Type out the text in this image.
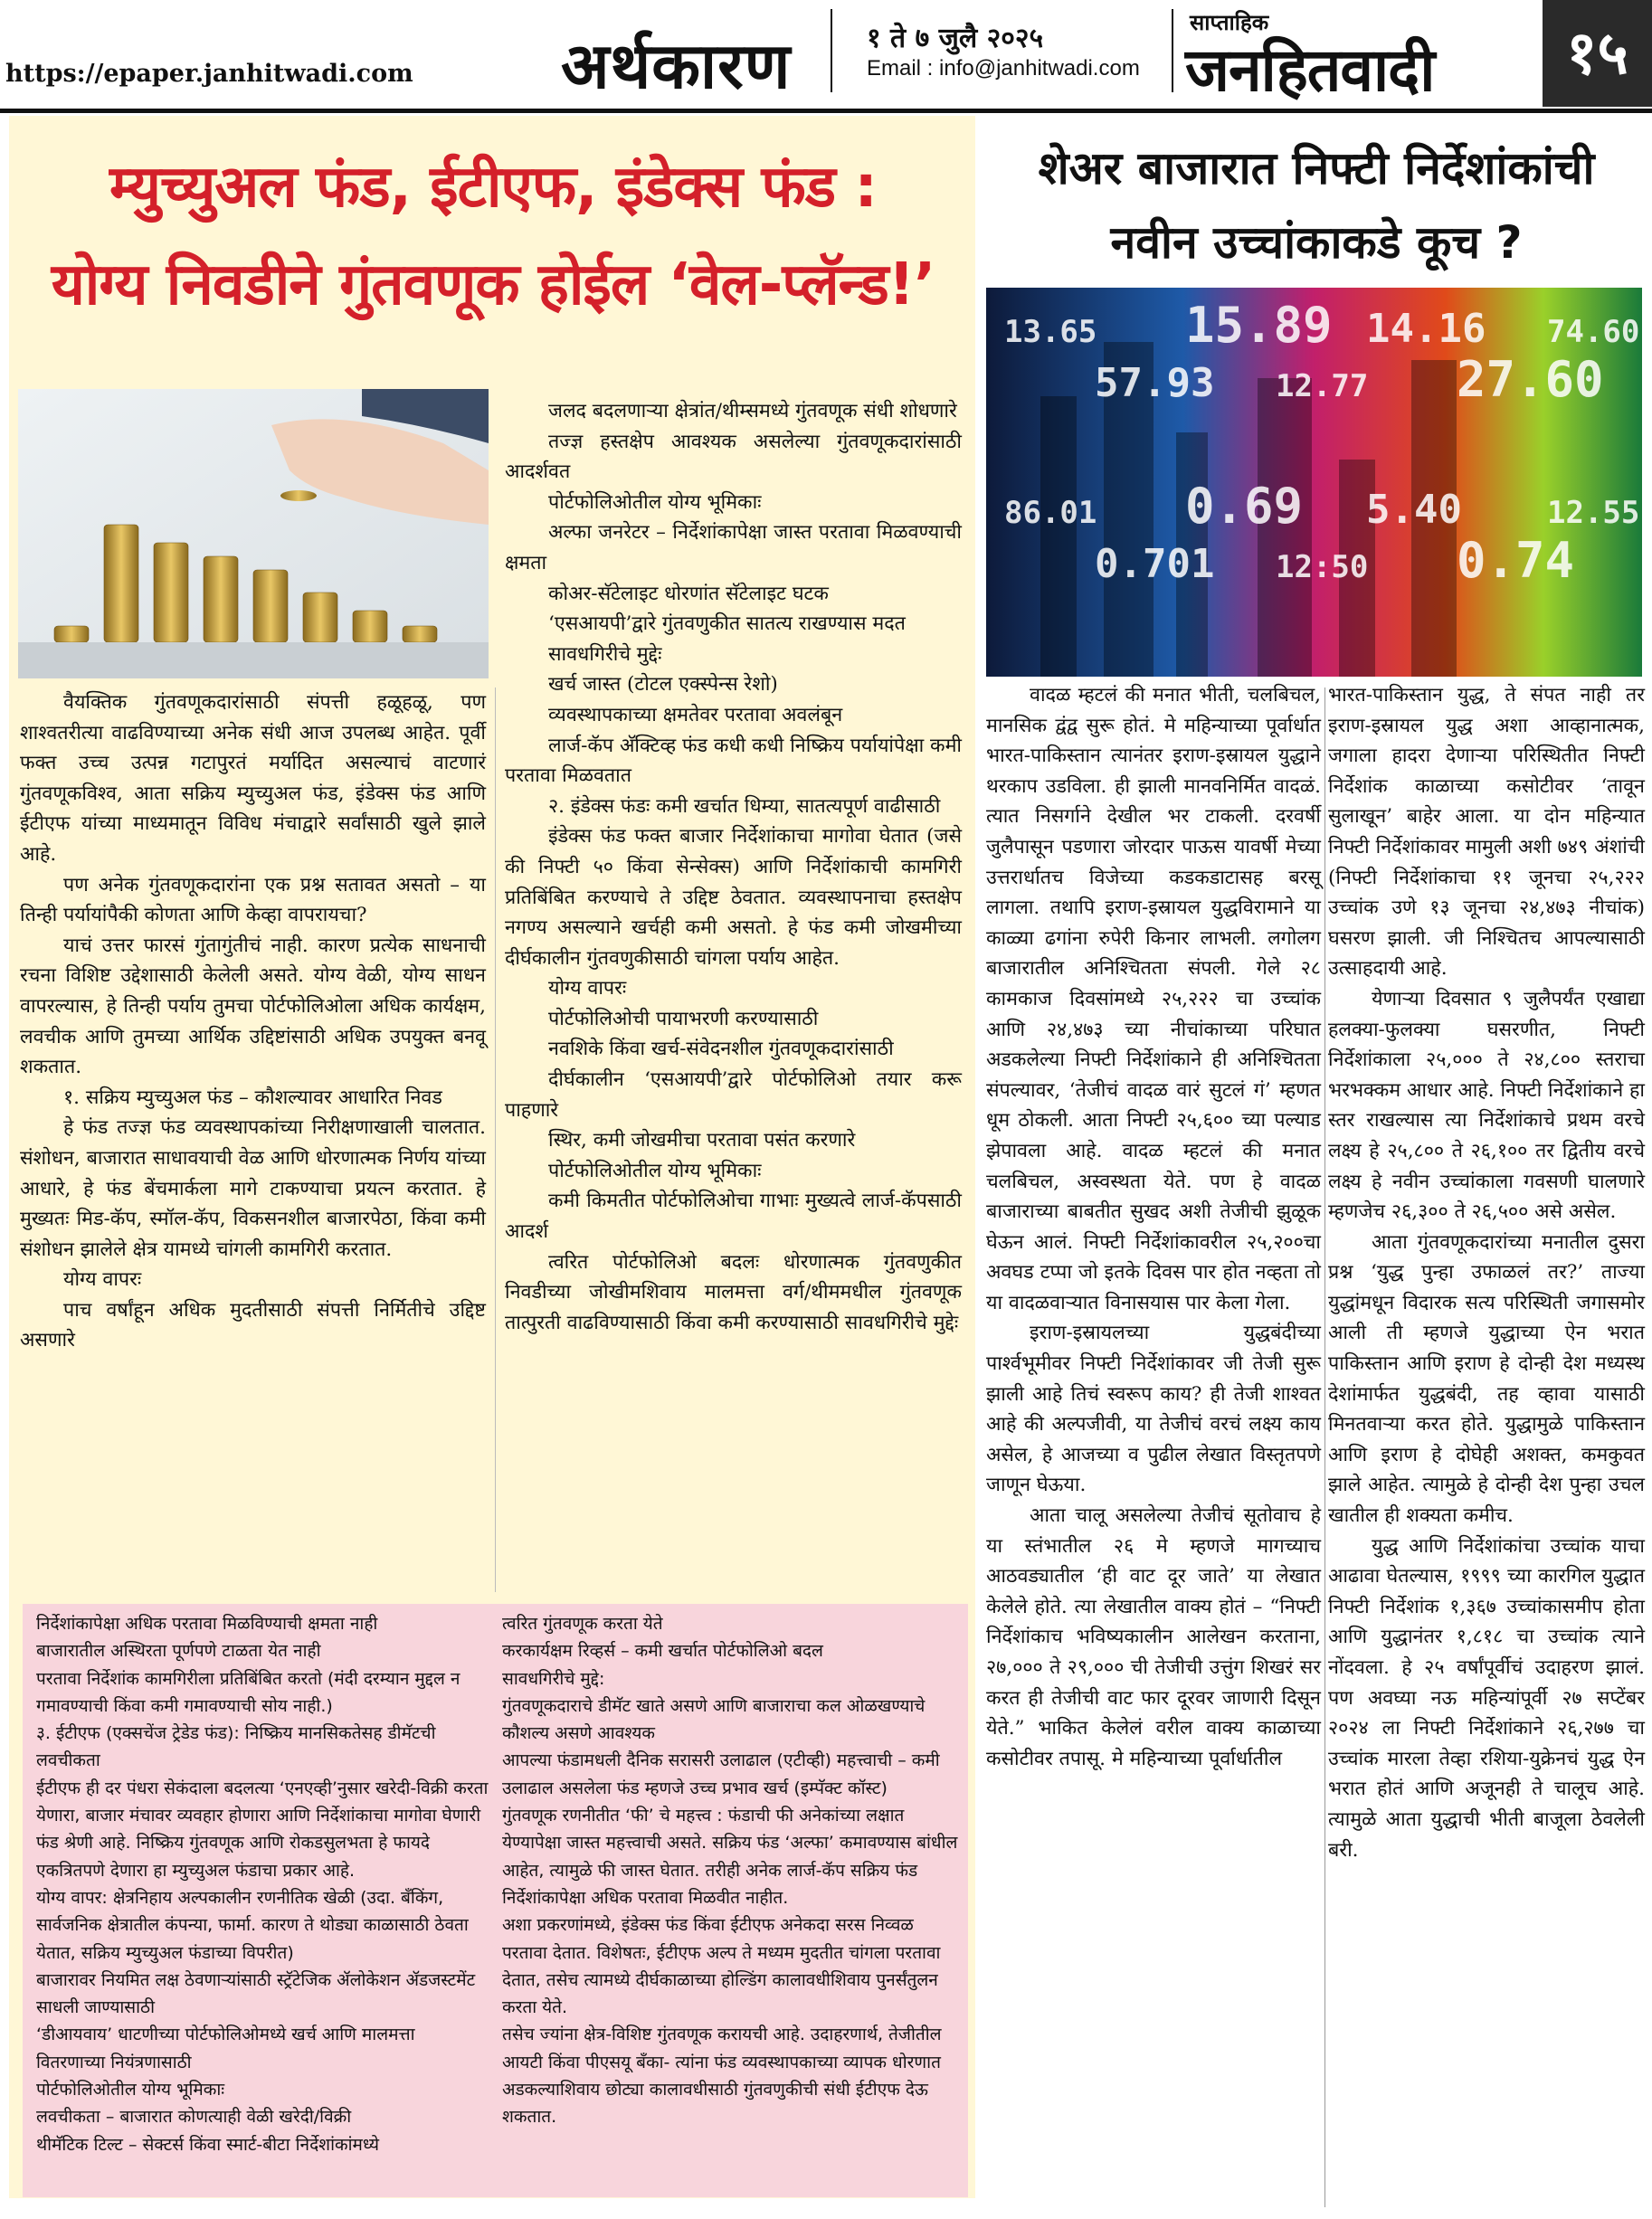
https://epaper.janhitwadi.com अर्थकारण	१ ते ७ जुलै २०२५
Email : info@janhitwadi.com
साप्ताहिक
जनहितवादी	१५
म्युच्युअल फंड, ईटीएफ, इंडेक्स फंड :
योग्य निवडीने गुंतवणूक होईल ‘वेल-प्लॅन्ड!’

वैयक्तिक गुंतवणूकदारांसाठी संपत्ती हळूहळू, पण शाश्वतरीत्या वाढविण्याच्या अनेक संधी आज उपलब्ध आहेत. पूर्वी फक्त उच्च उत्पन्न गटापुरतं मर्यादित असल्याचं वाटणारं गुंतवणूकविश्व, आता सक्रिय म्युच्युअल फंड, इंडेक्स फंड आणि ईटीएफ यांच्या माध्यमातून विविध मंचाद्वारे सर्वांसाठी खुले झाले आहे.

पण अनेक गुंतवणूकदारांना एक प्रश्न सतावत असतो – या तिन्ही पर्यायांपैकी कोणता आणि केव्हा वापरायचा?

याचं उत्तर फारसं गुंतागुंतीचं नाही. कारण प्रत्येक साधनाची रचना विशिष्ट उद्देशासाठी केलेली असते. योग्य वेळी, योग्य साधन वापरल्यास, हे तिन्ही पर्याय तुमचा पोर्टफोलिओला अधिक कार्यक्षम, लवचीक आणि तुमच्या आर्थिक उद्दिष्टांसाठी अधिक उपयुक्त बनवू शकतात.

१. सक्रिय म्युच्युअल फंड – कौशल्यावर आधारित निवड

हे फंड तज्ज्ञ फंड व्यवस्थापकांच्या निरीक्षणाखाली चालतात. संशोधन, बाजारात साधावयाची वेळ आणि धोरणात्मक निर्णय यांच्या आधारे, हे फंड बेंचमार्कला मागे टाकण्याचा प्रयत्न करतात. हे मुख्यतः मिड-कॅप, स्मॉल-कॅप, विकसनशील बाजारपेठा, किंवा कमी संशोधन झालेले क्षेत्र यामध्ये चांगली कामगिरी करतात.

योग्य वापरः

पाच वर्षांहून अधिक मुदतीसाठी संपत्ती निर्मितीचे उद्दिष्ट असणारे

जलद बदलणाऱ्या क्षेत्रांत/थीम्समध्ये गुंतवणूक संधी शोधणारे

तज्ज्ञ हस्तक्षेप आवश्यक असलेल्या गुंतवणूकदारांसाठी आदर्शवत

पोर्टफोलिओतील योग्य भूमिकाः

अल्फा जनरेटर – निर्देशांकापेक्षा जास्त परतावा मिळवण्याची क्षमता

कोअर-सॅटेलाइट धोरणांत सॅटेलाइट घटक

‘एसआयपी’द्वारे गुंतवणुकीत सातत्य राखण्यास मदत

सावधगिरीचे मुद्देः

खर्च जास्त (टोटल एक्स्पेन्स रेशो)

व्यवस्थापकाच्या क्षमतेवर परतावा अवलंबून

लार्ज-कॅप अ‍ॅक्टिव्ह फंड कधी कधी निष्क्रिय पर्यायांपेक्षा कमी परतावा मिळवतात

२. इंडेक्स फंडः कमी खर्चात धिम्या, सातत्यपूर्ण वाढीसाठी

इंडेक्स फंड फक्त बाजार निर्देशांकाचा मागोवा घेतात (जसे की निफ्टी ५० किंवा सेन्सेक्स) आणि निर्देशांकाची कामगिरी प्रतिबिंबित करण्याचे ते उद्दिष्ट ठेवतात. व्यवस्थापनाचा हस्तक्षेप नगण्य असल्याने खर्चही कमी असतो. हे फंड कमी जोखमीच्या दीर्घकालीन गुंतवणुकीसाठी चांगला पर्याय आहेत.

योग्य वापरः

पोर्टफोलिओची पायाभरणी करण्यासाठी

नवशिके किंवा खर्च-संवेदनशील गुंतवणूकदारांसाठी

दीर्घकालीन ‘एसआयपी’द्वारे पोर्टफोलिओ तयार करू पाहणारे

स्थिर, कमी जोखमीचा परतावा पसंत करणारे

पोर्टफोलिओतील योग्य भूमिकाः

कमी किमतीत पोर्टफोलिओचा गाभाः मुख्यत्वे लार्ज-कॅपसाठी आदर्श

त्वरित पोर्टफोलिओ बदलः धोरणात्मक गुंतवणुकीत निवडीच्या जोखीमशिवाय मालमत्ता वर्ग/थीममधील गुंतवणूक तात्पुरती वाढविण्यासाठी किंवा कमी करण्यासाठी सावधगिरीचे मुद्देः

निर्देशांकापेक्षा अधिक परतावा मिळविण्याची क्षमता नाही

बाजारातील अस्थिरता पूर्णपणे टाळता येत नाही

परतावा निर्देशांक कामगिरीला प्रतिबिंबित करतो (मंदी दरम्यान मुद्दल न गमावण्याची किंवा कमी गमावण्याची सोय नाही.)

३. ईटीएफ (एक्सचेंज ट्रेडेड फंड): निष्क्रिय मानसिकतेसह डीमॅटची लवचीकता

ईटीएफ ही दर पंधरा सेकंदाला बदलत्या ‘एनएव्ही’नुसार खरेदी-विक्री करता येणारा, बाजार मंचावर व्यवहार होणारा आणि निर्देशांकाचा मागोवा घेणारी फंड श्रेणी आहे. निष्क्रिय गुंतवणूक आणि रोकडसुलभता हे फायदे एकत्रितपणे देणारा हा म्युच्युअल फंडाचा प्रकार आहे.

योग्य वापर: क्षेत्रनिहाय अल्पकालीन रणनीतिक खेळी (उदा. बँकिंग, सार्वजनिक क्षेत्रातील कंपन्या, फार्मा. कारण ते थोड्या काळासाठी ठेवता येतात, सक्रिय म्युच्युअल फंडाच्या विपरीत)

बाजारावर नियमित लक्ष ठेवणाऱ्यांसाठी स्ट्रॅटेजिक ॲलोकेशन ॲडजस्टमेंट साधली जाण्यासाठी

‘डीआयवाय’ धाटणीच्या पोर्टफोलिओमध्ये खर्च आणि मालमत्ता वितरणाच्या नियंत्रणासाठी

पोर्टफोलिओतील योग्य भूमिकाः

लवचीकता – बाजारात कोणत्याही वेळी खरेदी/विक्री

थीमॅटिक टिल्ट – सेक्टर्स किंवा स्मार्ट-बीटा निर्देशांकांमध्ये

त्वरित गुंतवणूक करता येते

करकार्यक्षम रिव्हर्स – कमी खर्चात पोर्टफोलिओ बदल

सावधगिरीचे मुद्दे:

गुंतवणूकदाराचे डीमॅट खाते असणे आणि बाजाराचा कल ओळखण्याचे कौशल्य असणे आवश्यक

आपल्या फंडामधली दैनिक सरासरी उलाढाल (एटीव्ही) महत्त्वाची – कमी उलाढाल असलेला फंड म्हणजे उच्च प्रभाव खर्च (इम्पॅक्ट कॉस्ट)

गुंतवणूक रणनीतीत ‘फी’ चे महत्त्व : फंडाची फी अनेकांच्या लक्षात येण्यापेक्षा जास्त महत्त्वाची असते. सक्रिय फंड ‘अल्फा’ कमावण्यास बांधील आहेत, त्यामुळे फी जास्त घेतात. तरीही अनेक लार्ज-कॅप सक्रिय फंड निर्देशांकापेक्षा अधिक परतावा मिळवीत नाहीत.

अशा प्रकरणांमध्ये, इंडेक्स फंड किंवा ईटीएफ अनेकदा सरस निव्वळ परतावा देतात. विशेषतः, ईटीएफ अल्प ते मध्यम मुदतीत चांगला परतावा देतात, तसेच त्यामध्ये दीर्घकाळाच्या होल्डिंग कालावधीशिवाय पुनर्संतुलन करता येते.

तसेच ज्यांना क्षेत्र-विशिष्ट गुंतवणूक करायची आहे. उदाहरणार्थ, तेजीतील आयटी किंवा पीएसयू बँका- त्यांना फंड व्यवस्थापकाच्या व्यापक धोरणात अडकल्याशिवाय छोट्या कालावधीसाठी गुंतवणुकीची संधी ईटीएफ देऊ शकतात.

शेअर बाजारात निफ्टी निर्देशांकांची
नवीन उच्चांकाकडे कूच ?
13.65
57.93
15.89
12.77
14.16
27.60
74.60
86.01
0.701
0.69
12:50
5.40
0.74
12.55

वादळ म्हटलं की मनात भीती, चलबिचल, मानसिक द्वंद्व सुरू होतं. मे महिन्याच्या पूर्वार्धात भारत-पाकिस्तान त्यानंतर इराण-इस्रायल युद्धाने थरकाप उडविला. ही झाली मानवनिर्मित वादळं. त्यात निसर्गाने देखील भर टाकली. दरवर्षी जुलैपासून पडणारा जोरदार पाऊस यावर्षी मेच्या उत्तरार्धातच विजेच्या कडकडाटासह बरसू लागला. तथापि इराण-इस्रायल युद्धविरामाने या काळ्या ढगांना रुपेरी किनार लाभली. लगोलग बाजारातील अनिश्चितता संपली. गेले २८ कामकाज दिवसांमध्ये २५,२२२ चा उच्चांक आणि २४,४७३ च्या नीचांकाच्या परिघात अडकलेल्या निफ्टी निर्देशांकाने ही अनिश्चितता संपल्यावर, ‘तेजीचं वादळ वारं सुटलं गं’ म्हणत धूम ठोकली. आता निफ्टी २५,६०० च्या पल्याड झेपावला आहे. वादळ म्हटलं की मनात चलबिचल, अस्वस्थता येते. पण हे वादळ बाजाराच्या बाबतीत सुखद अशी तेजीची झुळूक घेऊन आलं. निफ्टी निर्देशांकावरील २५,२००चा अवघड टप्पा जो इतके दिवस पार होत नव्हता तो या वादळवाऱ्यात विनासयास पार केला गेला.

इराण-इस्रायलच्या युद्धबंदीच्या पार्श्वभूमीवर निफ्टी निर्देशांकावर जी तेजी सुरू झाली आहे तिचं स्वरूप काय? ही तेजी शाश्वत आहे की अल्पजीवी, या तेजीचं वरचं लक्ष्य काय असेल, हे आजच्या व पुढील लेखात विस्तृतपणे जाणून घेऊया.

आता चालू असलेल्या तेजीचं सूतोवाच हे या स्तंभातील २६ मे म्हणजे मागच्याच आठवड्यातील ‘ही वाट दूर जाते’ या लेखात केलेले होते. त्या लेखातील वाक्य होतं – “निफ्टी निर्देशांकाच भविष्यकालीन आलेखन करताना, २७,००० ते २९,००० ची तेजीची उत्तुंग शिखरं सर करत ही तेजीची वाट फार दूरवर जाणारी दिसून येते.” भाकित केलेलं वरील वाक्य काळाच्या कसोटीवर तपासू. मे महिन्याच्या पूर्वार्धातील

भारत-पाकिस्तान युद्ध, ते संपत नाही तर इराण-इस्रायल युद्ध अशा आव्हानात्मक, जगाला हादरा देणाऱ्या परिस्थितीत निफ्टी निर्देशांक काळाच्या कसोटीवर ‘तावून सुलाखून’ बाहेर आला. या दोन महिन्यात निफ्टी निर्देशांकावर मामुली अशी ७४९ अंशांची (निफ्टी निर्देशांकाचा ११ जूनचा २५,२२२ उच्चांक उणे १३ जूनचा २४,४७३ नीचांक) घसरण झाली. जी निश्चितच आपल्यासाठी उत्साहदायी आहे.

येणाऱ्या दिवसात ९ जुलैपर्यंत एखाद्या हलक्या-फुलक्या घसरणीत, निफ्टी निर्देशांकाला २५,००० ते २४,८०० स्तराचा भरभक्कम आधार आहे. निफ्टी निर्देशांकाने हा स्तर राखल्यास त्या निर्देशांकाचे प्रथम वरचे लक्ष्य हे २५,८०० ते २६,१०० तर द्वितीय वरचे लक्ष्य हे नवीन उच्चांकाला गवसणी घालणारे म्हणजेच २६,३०० ते २६,५०० असे असेल.

आता गुंतवणूकदारांच्या मनातील दुसरा प्रश्न ‘युद्ध पुन्हा उफाळलं तर?’ ताज्या युद्धांमधून विदारक सत्य परिस्थिती जगासमोर आली ती म्हणजे युद्धाच्या ऐन भरात पाकिस्तान आणि इराण हे दोन्ही देश मध्यस्थ देशांमार्फत युद्धबंदी, तह व्हावा यासाठी मिनतवाऱ्या करत होते. युद्धामुळे पाकिस्तान आणि इराण हे दोघेही अशक्त, कमकुवत झाले आहेत. त्यामुळे हे दोन्ही देश पुन्हा उचल खातील ही शक्यता कमीच.

युद्ध आणि निर्देशांकांचा उच्चांक याचा आढावा घेतल्यास, १९९९ च्या कारगिल युद्धात निफ्टी निर्देशांक १,३६७ उच्चांकासमीप होता आणि युद्धानंतर १,८१८ चा उच्चांक त्याने नोंदवला. हे २५ वर्षांपूर्वीचं उदाहरण झालं. पण अवघ्या नऊ महिन्यांपूर्वी २७ सप्टेंबर २०२४ ला निफ्टी निर्देशांकाने २६,२७७ चा उच्चांक मारला तेव्हा रशिया-युक्रेनचं युद्ध ऐन भरात होतं आणि अजूनही ते चालूच आहे. त्यामुळे आता युद्धाची भीती बाजूला ठेवलेली बरी.
